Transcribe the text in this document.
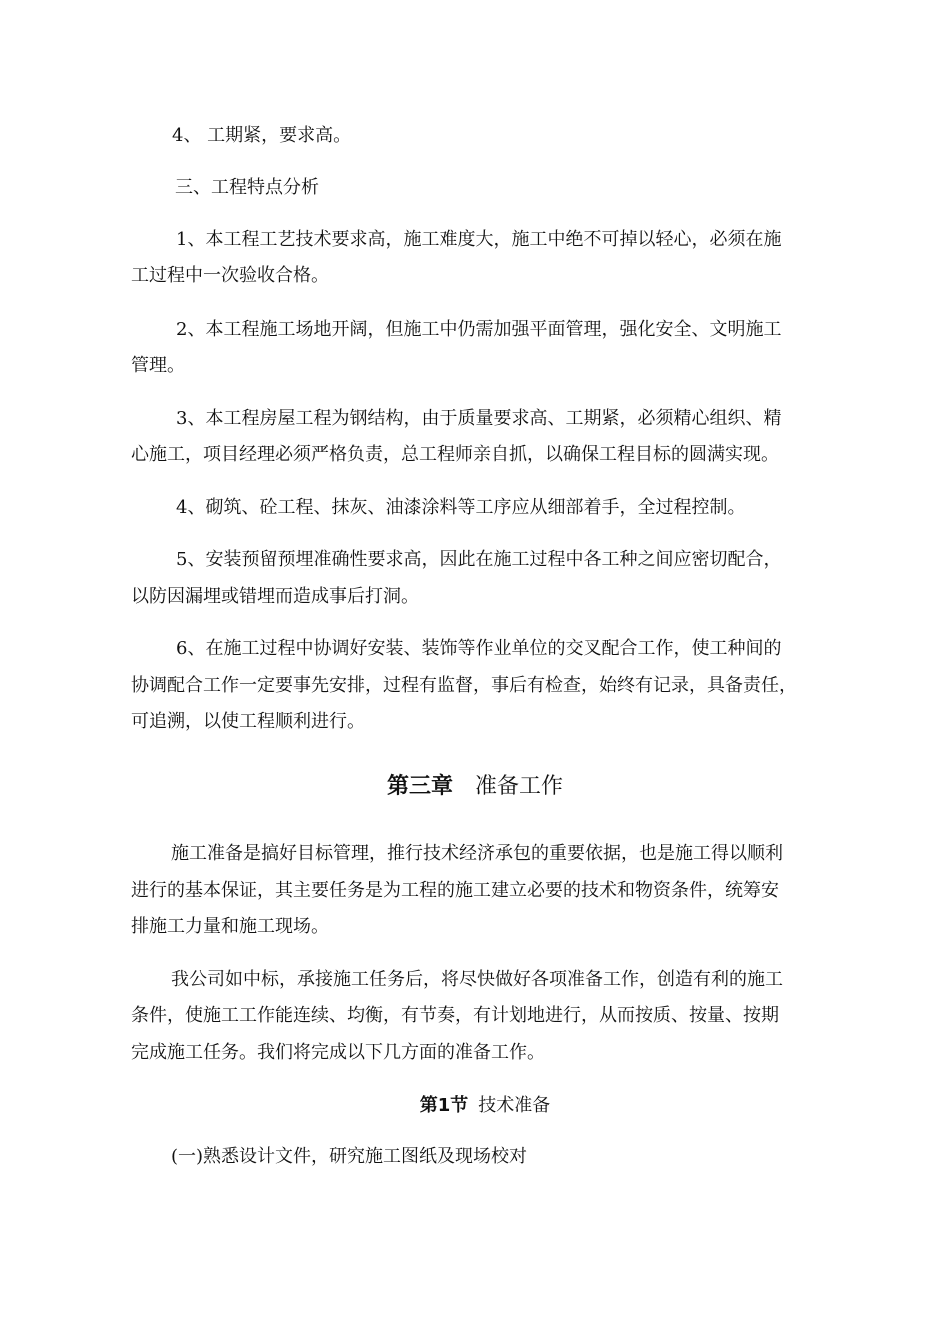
4、 工期紧，要求高。
三、工程特点分析
1、本工程工艺技术要求高，施工难度大，施工中绝不可掉以轻心，必须在施
工过程中一次验收合格。
2、本工程施工场地开阔，但施工中仍需加强平面管理，强化安全、文明施工
管理。
3、本工程房屋工程为钢结构，由于质量要求高、工期紧，必须精心组织、精
心施工，项目经理必须严格负责，总工程师亲自抓，以确保工程目标的圆满实现。
4、砌筑、砼工程、抹灰、油漆涂料等工序应从细部着手，全过程控制。
5、安装预留预埋准确性要求高，因此在施工过程中各工种之间应密切配合，
以防因漏埋或错埋而造成事后打洞。
6、在施工过程中协调好安装、装饰等作业单位的交叉配合工作，使工种间的
协调配合工作一定要事先安排，过程有监督，事后有检查，始终有记录，具备责任，
可追溯，以使工程顺利进行。
第三章 准备工作
施工准备是搞好目标管理，推行技术经济承包的重要依据，也是施工得以顺利
进行的基本保证，其主要任务是为工程的施工建立必要的技术和物资条件，统筹安
排施工力量和施工现场。
我公司如中标，承接施工任务后，将尽快做好各项准备工作，创造有利的施工
条件，使施工工作能连续、均衡，有节奏，有计划地进行，从而按质、按量、按期
完成施工任务。我们将完成以下几方面的准备工作。
第1节 技术准备
(一)熟悉设计文件，研究施工图纸及现场校对
